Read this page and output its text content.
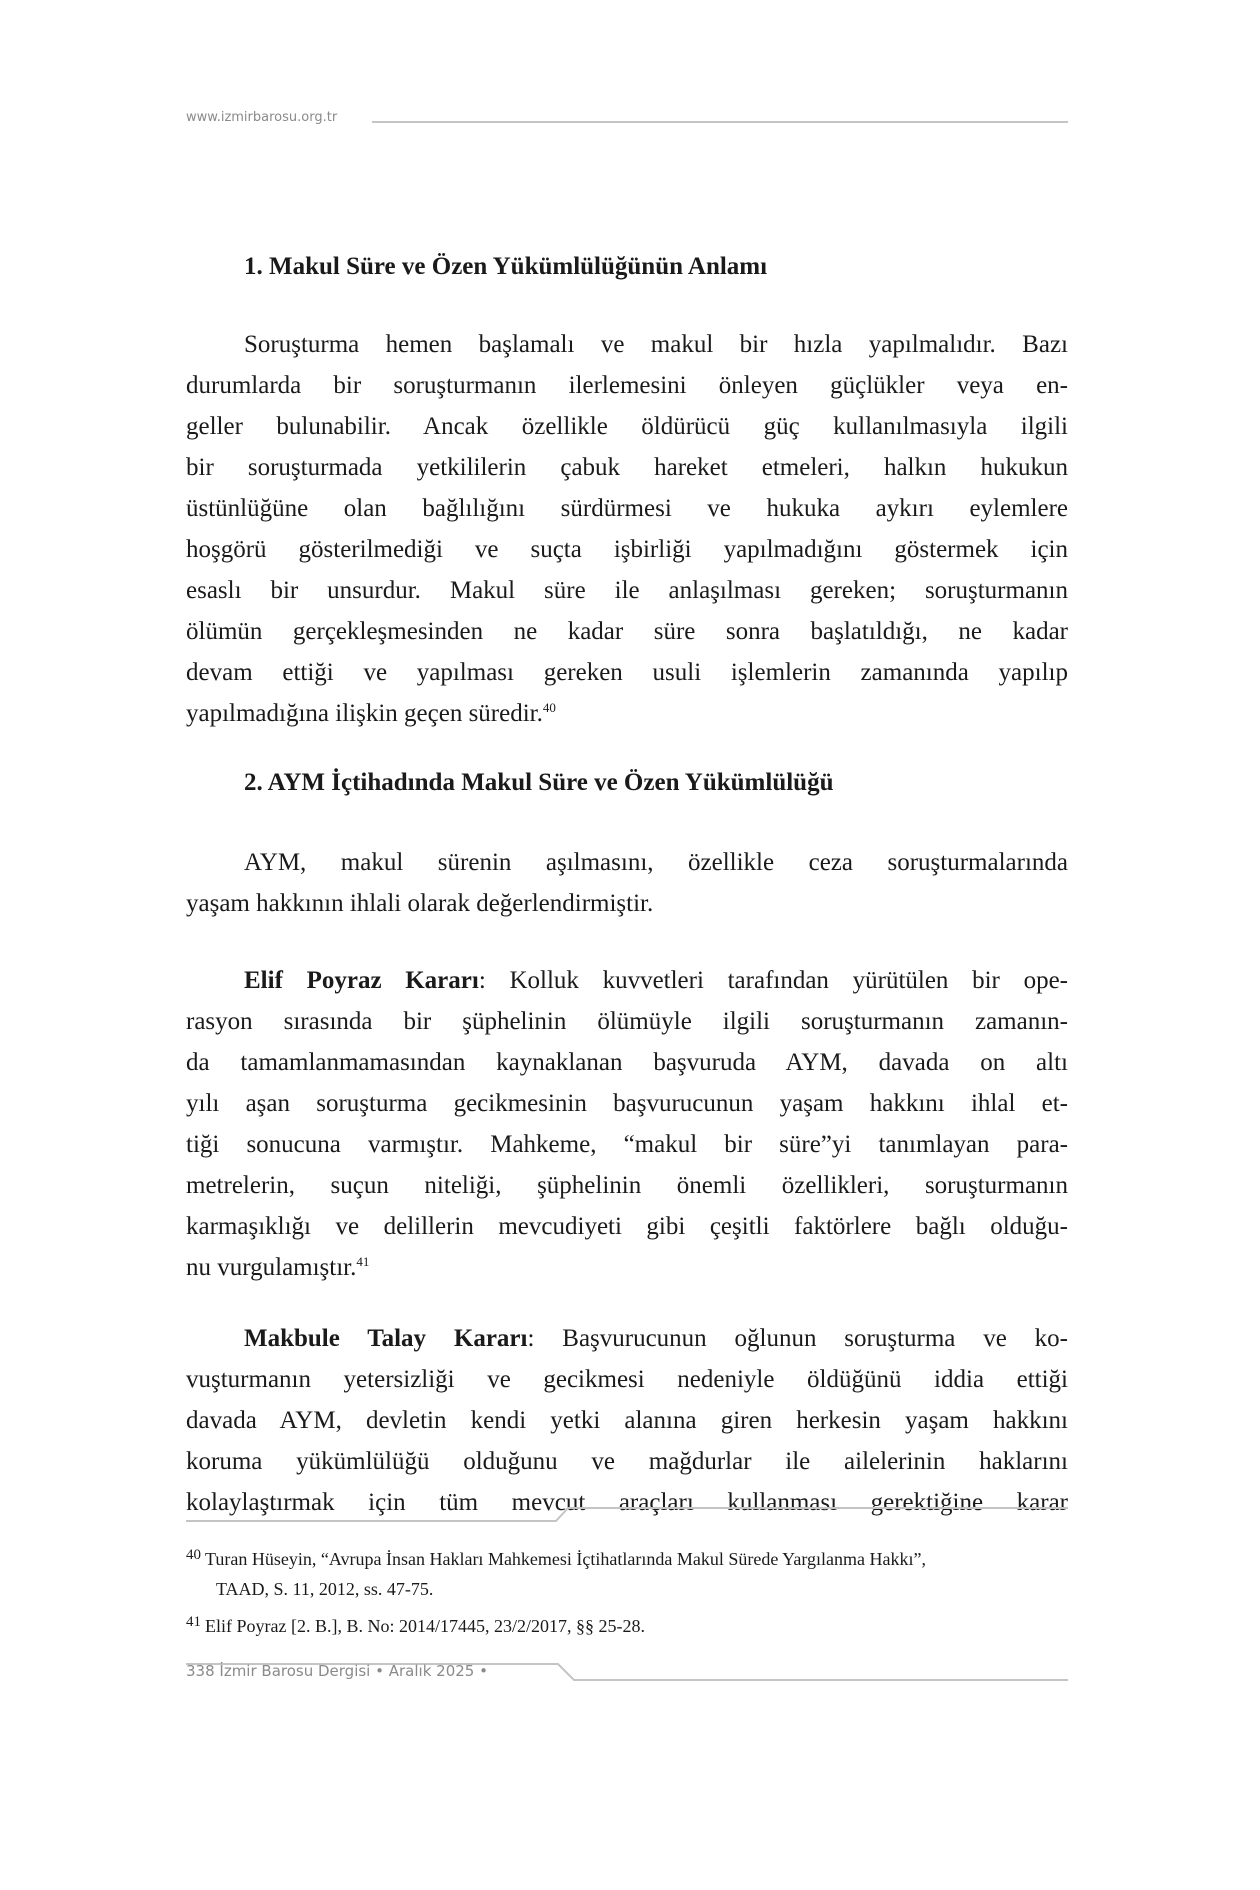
www.izmirbarosu.org.tr
1. Makul Süre ve Özen Yükümlülüğünün Anlamı
Soruşturma hemen başlamalı ve makul bir hızla yapılmalıdır. Bazı
durumlarda bir soruşturmanın ilerlemesini önleyen güçlükler veya en-
geller bulunabilir. Ancak özellikle öldürücü güç kullanılmasıyla ilgili
bir soruşturmada yetkililerin çabuk hareket etmeleri, halkın hukukun
üstünlüğüne olan bağlılığını sürdürmesi ve hukuka aykırı eylemlere
hoşgörü gösterilmediği ve suçta işbirliği yapılmadığını göstermek için
esaslı bir unsurdur. Makul süre ile anlaşılması gereken; soruşturmanın
ölümün gerçekleşmesinden ne kadar süre sonra başlatıldığı, ne kadar
devam ettiği ve yapılması gereken usuli işlemlerin zamanında yapılıp
yapılmadığına ilişkin geçen süredir.$^{40}$
2. AYM İçtihadında Makul Süre ve Özen Yükümlülüğü
AYM, makul sürenin aşılmasını, özellikle ceza soruşturmalarında
yaşam hakkının ihlali olarak değerlendirmiştir.
Elif Poyraz Kararı: Kolluk kuvvetleri tarafından yürütülen bir ope-
rasyon sırasında bir şüphelinin ölümüyle ilgili soruşturmanın zamanın-
da tamamlanmamasından kaynaklanan başvuruda AYM, davada on altı
yılı aşan soruşturma gecikmesinin başvurucunun yaşam hakkını ihlal et-
tiği sonucuna varmıştır. Mahkeme, “makul bir süre”yi tanımlayan para-
metrelerin, suçun niteliği, şüphelinin önemli özellikleri, soruşturmanın
karmaşıklığı ve delillerin mevcudiyeti gibi çeşitli faktörlere bağlı olduğu-
nu vurgulamıştır.$^{41}$
Makbule Talay Kararı: Başvurucunun oğlunun soruşturma ve ko-
vuşturmanın yetersizliği ve gecikmesi nedeniyle öldüğünü iddia ettiği
davada AYM, devletin kendi yetki alanına giren herkesin yaşam hakkını
koruma yükümlülüğü olduğunu ve mağdurlar ile ailelerinin haklarını
kolaylaştırmak için tüm mevcut araçları kullanması gerektiğine karar
$^{40}$ Turan Hüseyin, “Avrupa İnsan Hakları Mahkemesi İçtihatlarında Makul Sürede Yargılanma Hakkı”,
TAAD, S. 11, 2012, ss. 47-75.
$^{41}$ Elif Poyraz [2. B.], B. No: 2014/17445, 23/2/2017, §§ 25-28.
338 İzmir Barosu Dergisi • Aralık 2025 •
